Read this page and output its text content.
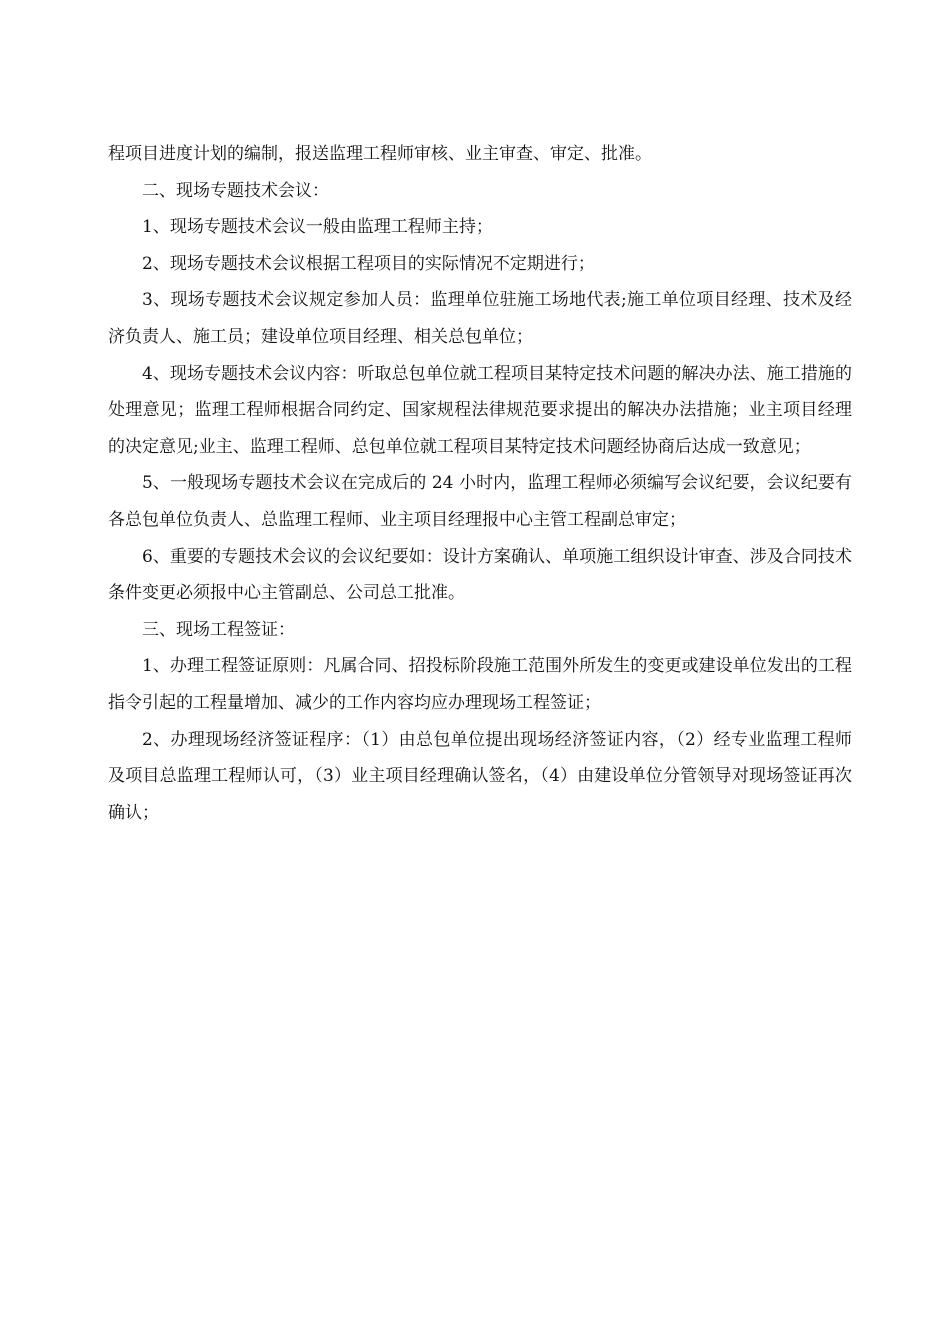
程项目进度计划的编制，报送监理工程师审核、业主审查、审定、批准。

二、现场专题技术会议：

1、现场专题技术会议一般由监理工程师主持；

2、现场专题技术会议根据工程项目的实际情况不定期进行；

3、现场专题技术会议规定参加人员：监理单位驻施工场地代表;施工单位项目经理、技术及经济负责人、施工员；建设单位项目经理、相关总包单位；

4、现场专题技术会议内容：听取总包单位就工程项目某特定技术问题的解决办法、施工措施的处理意见；监理工程师根据合同约定、国家规程法律规范要求提出的解决办法措施；业主项目经理的决定意见;业主、监理工程师、总包单位就工程项目某特定技术问题经协商后达成一致意见；

5、一般现场专题技术会议在完成后的 24 小时内，监理工程师必须编写会议纪要，会议纪要有各总包单位负责人、总监理工程师、业主项目经理报中心主管工程副总审定；

6、重要的专题技术会议的会议纪要如：设计方案确认、单项施工组织设计审查、涉及合同技术条件变更必须报中心主管副总、公司总工批准。

三、现场工程签证：

1、办理工程签证原则：凡属合同、招投标阶段施工范围外所发生的变更或建设单位发出的工程指令引起的工程量增加、减少的工作内容均应办理现场工程签证；

2、办理现场经济签证程序：（1）由总包单位提出现场经济签证内容，（2）经专业监理工程师及项目总监理工程师认可，（3）业主项目经理确认签名，（4）由建设单位分管领导对现场签证再次确认；
